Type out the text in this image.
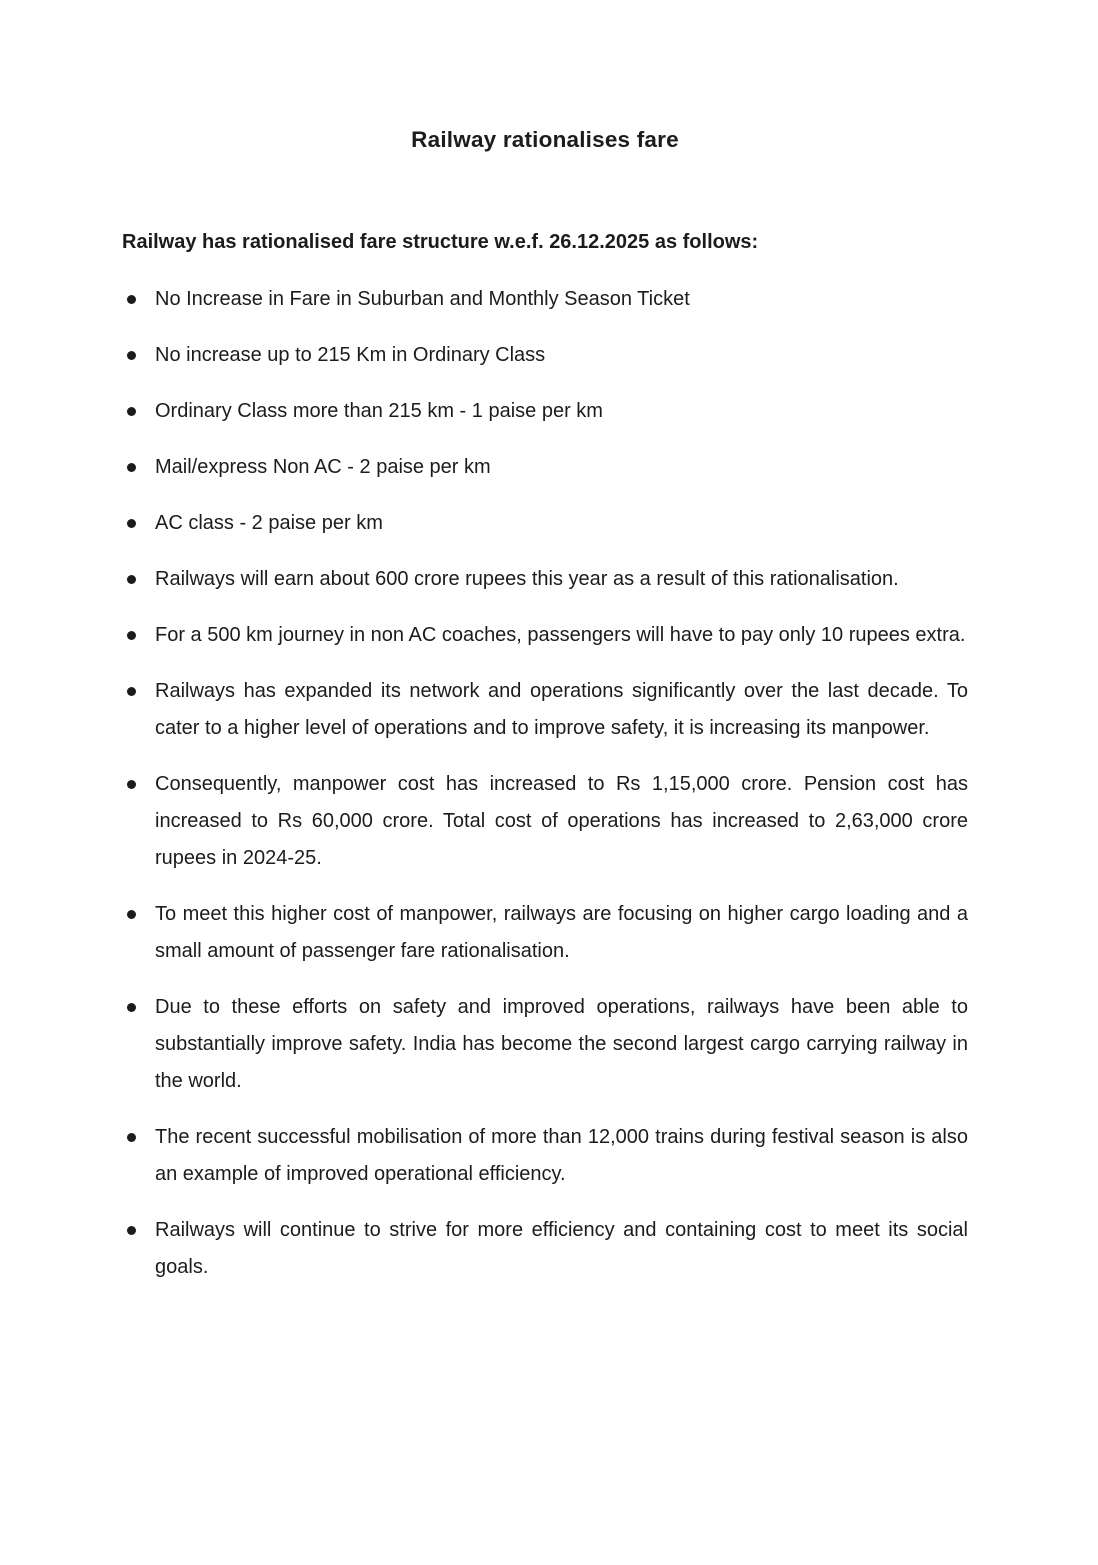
Railway rationalises fare

Railway has rationalised fare structure w.e.f. 26.12.2025 as follows:

No Increase in Fare in Suburban and Monthly Season Ticket
No increase up to 215 Km in Ordinary Class
Ordinary Class more than 215 km - 1 paise per km
Mail/express Non AC - 2 paise per km
AC class - 2 paise per km
Railways will earn about 600 crore rupees this year as a result of this rationalisation.
For a 500 km journey in non AC coaches, passengers will have to pay only 10 rupees extra.
Railways has expanded its network and operations significantly over the last decade. To cater to a higher level of operations and to improve safety, it is increasing its manpower.
Consequently, manpower cost has increased to Rs 1,15,000 crore. Pension cost has increased to Rs 60,000 crore. Total cost of operations has increased to 2,63,000 crore rupees in 2024-25.
To meet this higher cost of manpower, railways are focusing on higher cargo loading and a small amount of passenger fare rationalisation.
Due to these efforts on safety and improved operations, railways have been able to substantially improve safety. India has become the second largest cargo carrying railway in the world.
The recent successful mobilisation of more than 12,000 trains during festival season is also an example of improved operational efficiency.
Railways will continue to strive for more efficiency and containing cost to meet its social goals.
